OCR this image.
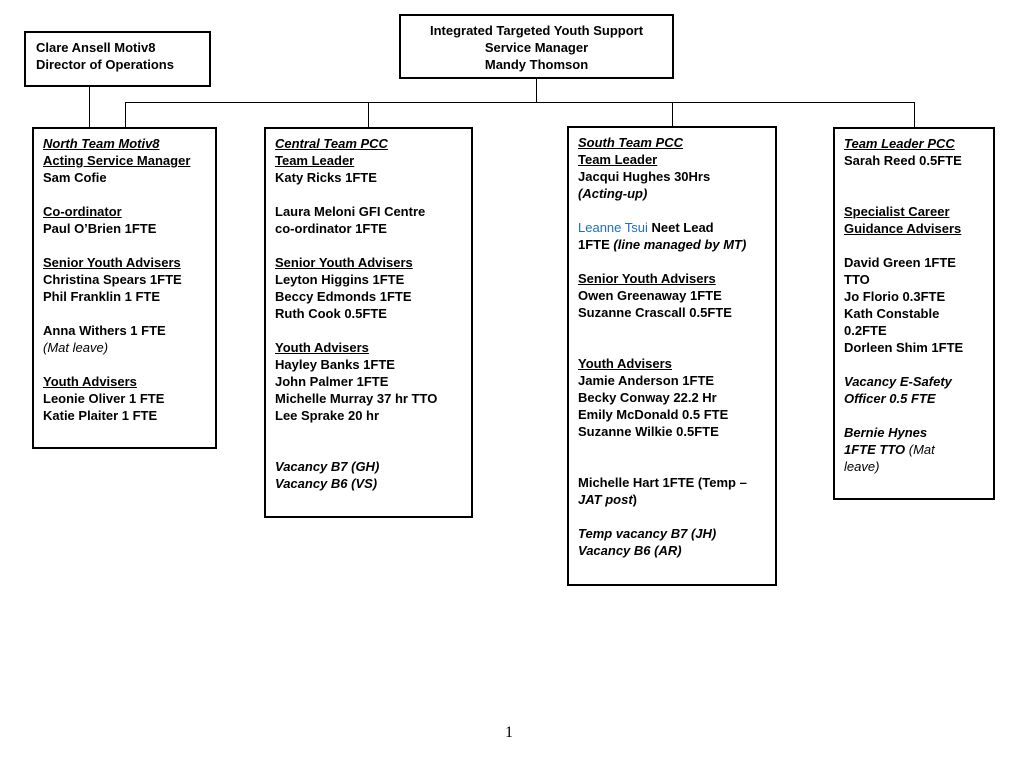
Integrated Targeted Youth Support
Service Manager
Mandy Thomson
Clare Ansell Motiv8
Director of Operations
North Team Motiv8
Acting Service Manager
Sam Cofie
Co-ordinator
Paul O’Brien 1FTE
Senior Youth Advisers
Christina Spears 1FTE
Phil Franklin 1 FTE
Anna Withers 1 FTE
(Mat leave)
Youth Advisers
Leonie Oliver 1 FTE
Katie Plaiter 1 FTE
Central Team PCC
Team Leader
Katy Ricks 1FTE
Laura Meloni GFI Centre
co-ordinator 1FTE
Senior Youth Advisers
Leyton Higgins 1FTE
Beccy Edmonds 1FTE
Ruth Cook 0.5FTE
Youth Advisers
Hayley Banks 1FTE
John Palmer 1FTE
Michelle Murray 37 hr TTO
Lee Sprake 20 hr
Vacancy B7 (GH)
Vacancy B6 (VS)
South Team PCC
Team Leader
Jacqui Hughes 30Hrs
(Acting-up)
Leanne Tsui Neet Lead
1FTE (line managed by MT)
Senior Youth Advisers
Owen Greenaway 1FTE
Suzanne Crascall 0.5FTE
Youth Advisers
Jamie Anderson 1FTE
Becky Conway 22.2 Hr
Emily McDonald 0.5 FTE
Suzanne Wilkie 0.5FTE
Michelle Hart 1FTE (Temp –
JAT post)
Temp vacancy B7 (JH)
Vacancy B6 (AR)
Team Leader PCC
Sarah Reed 0.5FTE
Specialist Career
Guidance Advisers
David Green 1FTE
TTO
Jo Florio 0.3FTE
Kath Constable
0.2FTE
Dorleen Shim 1FTE
Vacancy E-Safety
Officer 0.5 FTE
Bernie Hynes
1FTE TTO (Mat
leave)
1
